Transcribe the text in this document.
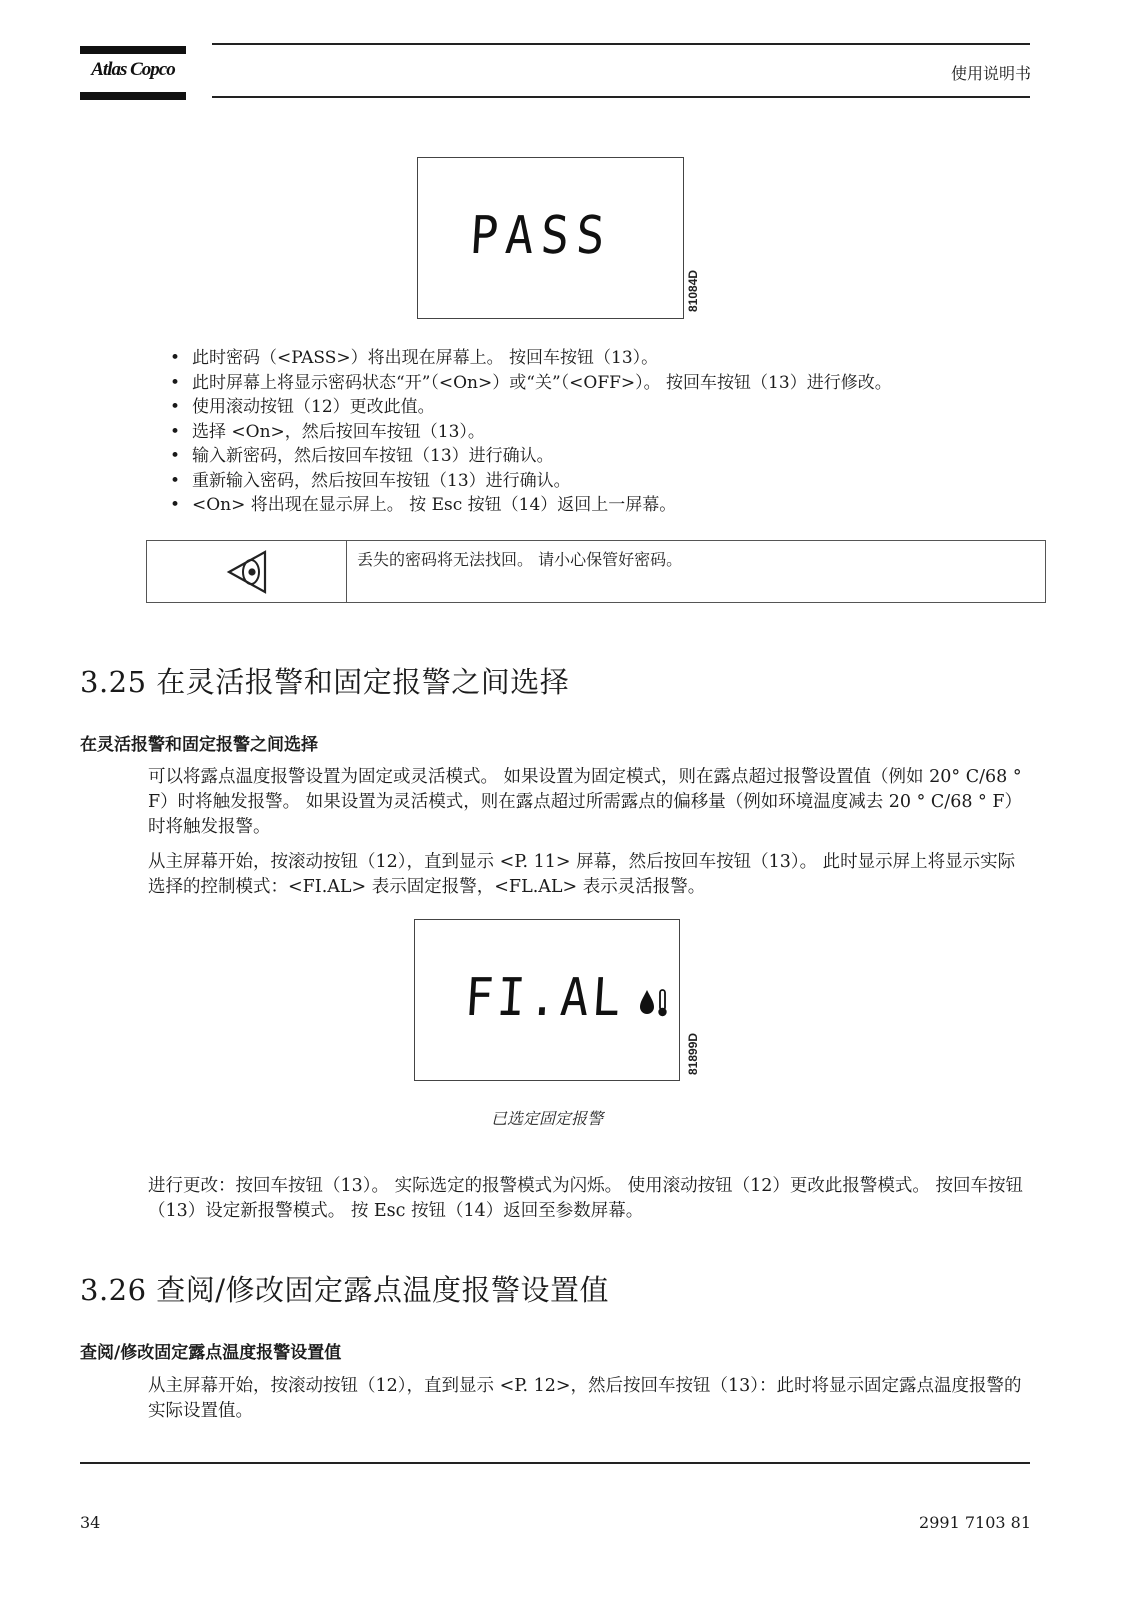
Atlas Copco	使用说明书
PASS
81084D
• 此时密码（<PASS>）将出现在屏幕上。 按回车按钮（13）。
• 此时屏幕上将显示密码状态“开”（<On>）或“关”（<OFF>）。 按回车按钮（13）进行修改。
• 使用滚动按钮（12）更改此值。
• 选择 <On>，然后按回车按钮（13）。
• 输入新密码，然后按回车按钮（13）进行确认。
• 重新输入密码，然后按回车按钮（13）进行确认。
• <On> 将出现在显示屏上。 按 Esc 按钮（14）返回上一屏幕。
丢失的密码将无法找回。 请小心保管好密码。
3.25 在灵活报警和固定报警之间选择
在灵活报警和固定报警之间选择
可以将露点温度报警设置为固定或灵活模式。 如果设置为固定模式，则在露点超过报警设置值（例如 20° C/68 ° F）时将触发报警。 如果设置为灵活模式，则在露点超过所需露点的偏移量（例如环境温度减去 20 ° C/68 ° F）时将触发报警。
从主屏幕开始，按滚动按钮（12），直到显示 <P. 11> 屏幕，然后按回车按钮（13）。 此时显示屏上将显示实际选择的控制模式：<FI.AL> 表示固定报警，<FL.AL> 表示灵活报警。
FI.AL
81899D
已选定固定报警
进行更改：按回车按钮（13）。 实际选定的报警模式为闪烁。 使用滚动按钮（12）更改此报警模式。 按回车按钮（13）设定新报警模式。 按 Esc 按钮（14）返回至参数屏幕。
3.26 查阅/修改固定露点温度报警设置值
查阅/修改固定露点温度报警设置值
从主屏幕开始，按滚动按钮（12），直到显示 <P. 12>，然后按回车按钮（13）：此时将显示固定露点温度报警的实际设置值。
34	2991 7103 81
